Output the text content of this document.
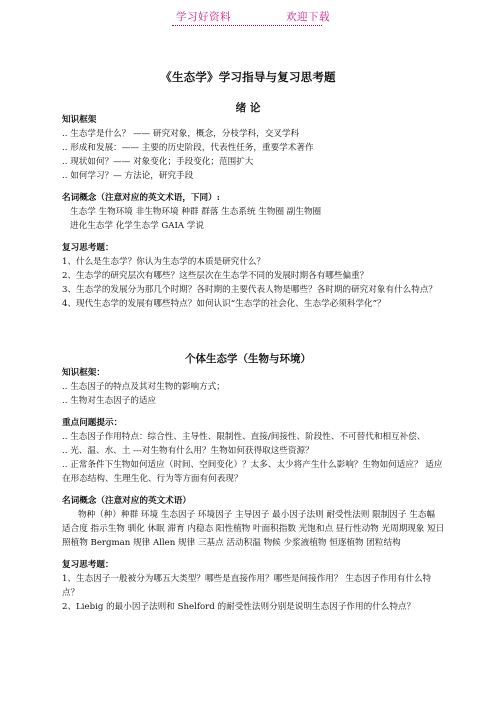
学习好资料	欢迎下载
《生态学》学习指导与复习思考题
绪 论
知识框架
.. 生态学是什么？ —— 研究对象，概念，分枝学科，交叉学科
.. 形成和发展：—— 主要的历史阶段，代表性任务，重要学术著作
.. 现状如何？—— 对象变化；手段变化；范围扩大
.. 如何学习？— 方法论，研究手段
名词概念（注意对应的英文术语，下同）:
生态学 生物环境 非生物环境 种群 群落 生态系统 生物圈 副生物圈
进化生态学 化学生态学 GAIA 学说
复习思考题：
1、什么是生态学？你认为生态学的本质是研究什么？
2、生态学的研究层次有哪些？这些层次在生态学不同的发展时期各有哪些偏重？
3、生态学的发展分为那几个时期？各时期的主要代表人物是哪些？各时期的研究对象有什么特点？
4、现代生态学的发展有哪些特点？如何认识“生态学的社会化、生态学必须科学化”？
个体生态学（生物与环境）
知识框架：
.. 生态因子的特点及其对生物的影响方式；
.. 生物对生态因子的适应
重点问题提示：
.. 生态因子作用特点：综合性、主导性、限制性、直接/间接性、阶段性、不可替代和相互补偿、
.. 光、温、水、土 ---对生物有什么用？生物如何获得取这些资源？
.. 正常条件下生物如何适应（时间、空间变化）？太多、太少将产生什么影响？生物如何适应？ 适应在形态结构、生理生化、行为等方面有何表现？
名词概念（注意对应的英文术语）
物种（种）种群 环境 生态因子 环境因子 主导因子 最小因子法则 耐受性法则 限制因子 生态幅 适合度 指示生物 驯化 休眠 滞育 内稳态 阳性植物 叶面积指数 光饱和点 昼行性动物 光周期现象 短日照植物 Bergman 规律 Allen 规律 三基点 活动积温 物候 少浆液植物 恒逐植物 团粒结构
复习思考题：
1、生态因子一般被分为哪五大类型？哪些是直接作用？哪些是间接作用？ 生态因子作用有什么特点？
2、Liebig 的最小因子法则和 Shelford 的耐受性法则分别是说明生态因子作用的什么特点？
